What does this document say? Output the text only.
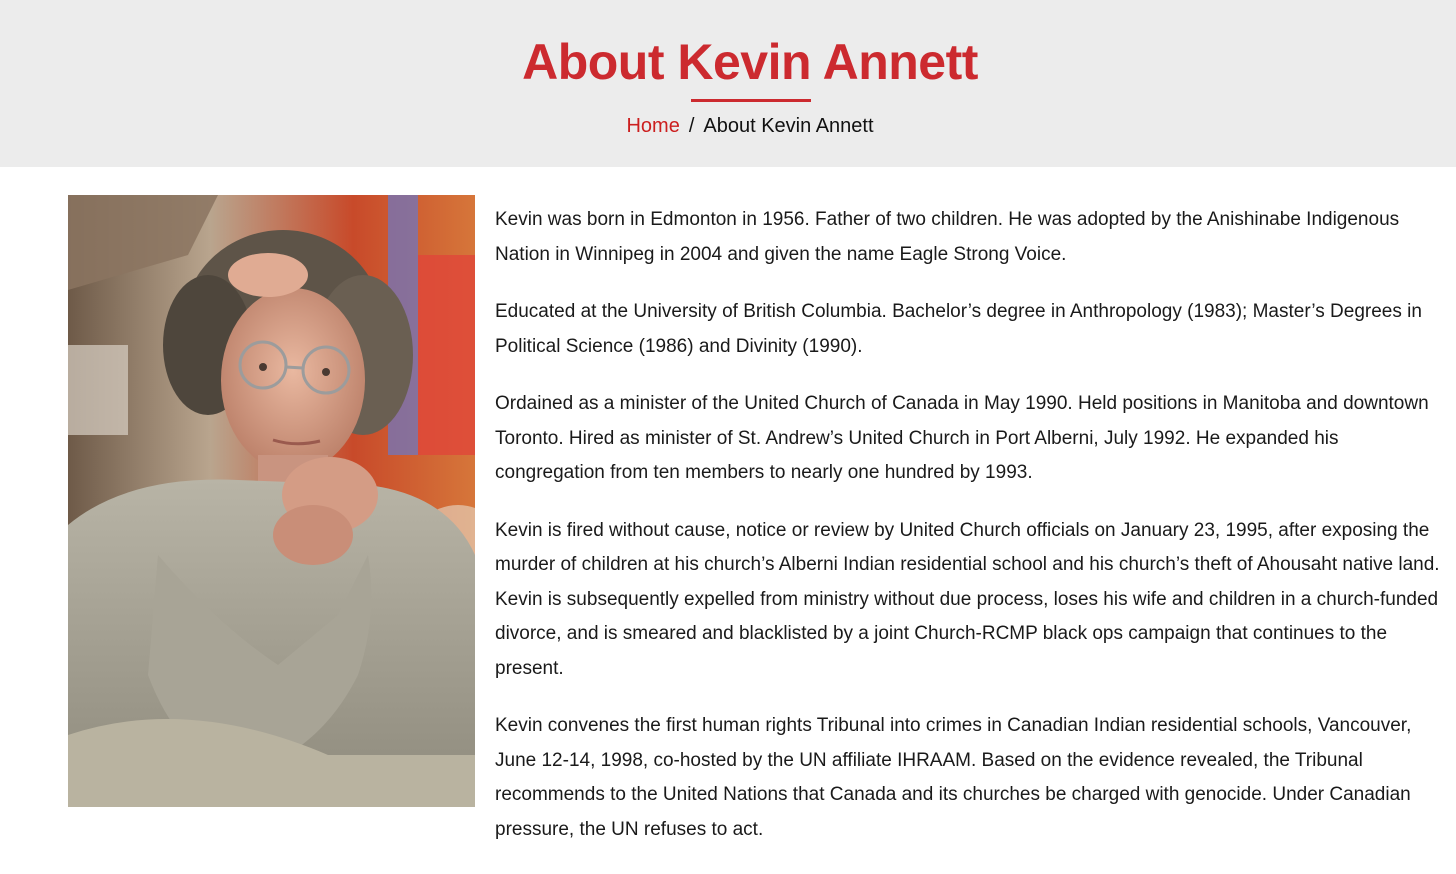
About Kevin Annett
Home / About Kevin Annett

Kevin was born in Edmonton in 1956. Father of two children. He was adopted by the Anishinabe Indigenous Nation in Winnipeg in 2004 and given the name Eagle Strong Voice.

Educated at the University of British Columbia. Bachelor’s degree in Anthropology (1983); Master’s Degrees in Political Science (1986) and Divinity (1990).

Ordained as a minister of the United Church of Canada in May 1990. Held positions in Manitoba and downtown Toronto. Hired as minister of St. Andrew’s United Church in Port Alberni, July 1992. He expanded his congregation from ten members to nearly one hundred by 1993.

Kevin is fired without cause, notice or review by United Church officials on January 23, 1995, after exposing the murder of children at his church’s Alberni Indian residential school and his church’s theft of Ahousaht native land. Kevin is subsequently expelled from ministry without due process, loses his wife and children in a church-funded divorce, and is smeared and blacklisted by a joint Church-RCMP black ops campaign that continues to the present.

Kevin convenes the first human rights Tribunal into crimes in Canadian Indian residential schools, Vancouver, June 12-14, 1998, co-hosted by the UN affiliate IHRAAM. Based on the evidence revealed, the Tribunal recommends to the United Nations that Canada and its churches be charged with genocide. Under Canadian pressure, the UN refuses to act.
